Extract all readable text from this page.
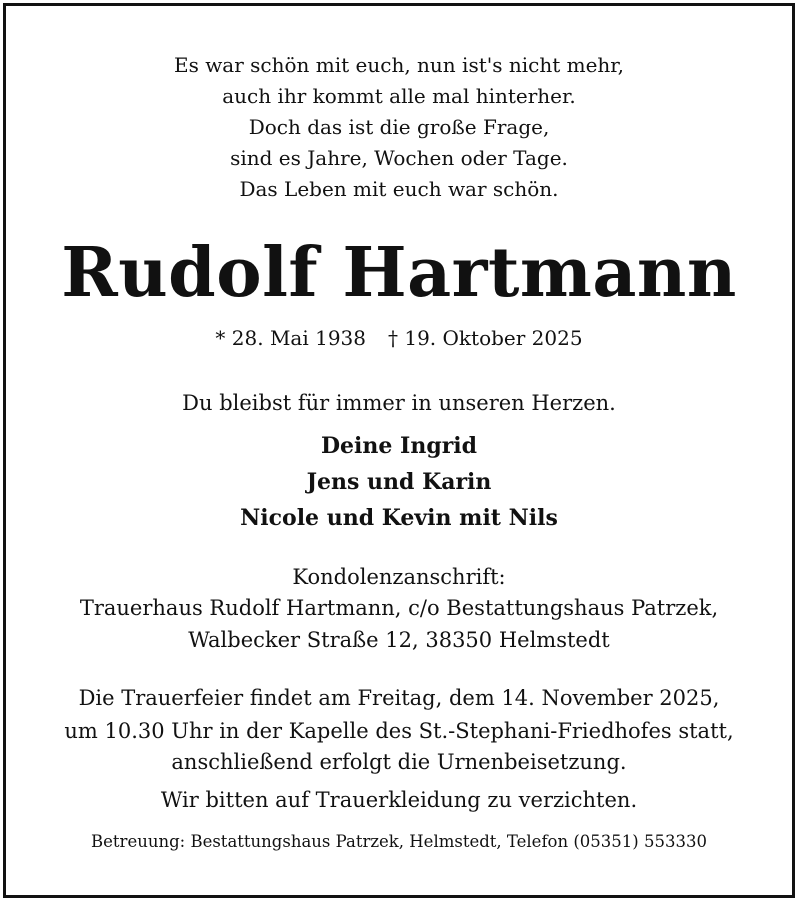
Es war schön mit euch, nun ist's nicht mehr,
auch ihr kommt alle mal hinterher.
Doch das ist die große Frage,
sind es Jahre, Wochen oder Tage.
Das Leben mit euch war schön.
Rudolf Hartmann
* 28. Mai 1938 † 19. Oktober 2025
Du bleibst für immer in unseren Herzen.
Deine Ingrid
Jens und Karin
Nicole und Kevin mit Nils
Kondolenzanschrift:
Trauerhaus Rudolf Hartmann, c/o Bestattungshaus Patrzek,
Walbecker Straße 12, 38350 Helmstedt
Die Trauerfeier findet am Freitag, dem 14. November 2025,
um 10.30 Uhr in der Kapelle des St.-Stephani-Friedhofes statt,
anschließend erfolgt die Urnenbeisetzung.
Wir bitten auf Trauerkleidung zu verzichten.
Betreuung: Bestattungshaus Patrzek, Helmstedt, Telefon (05351) 553330
